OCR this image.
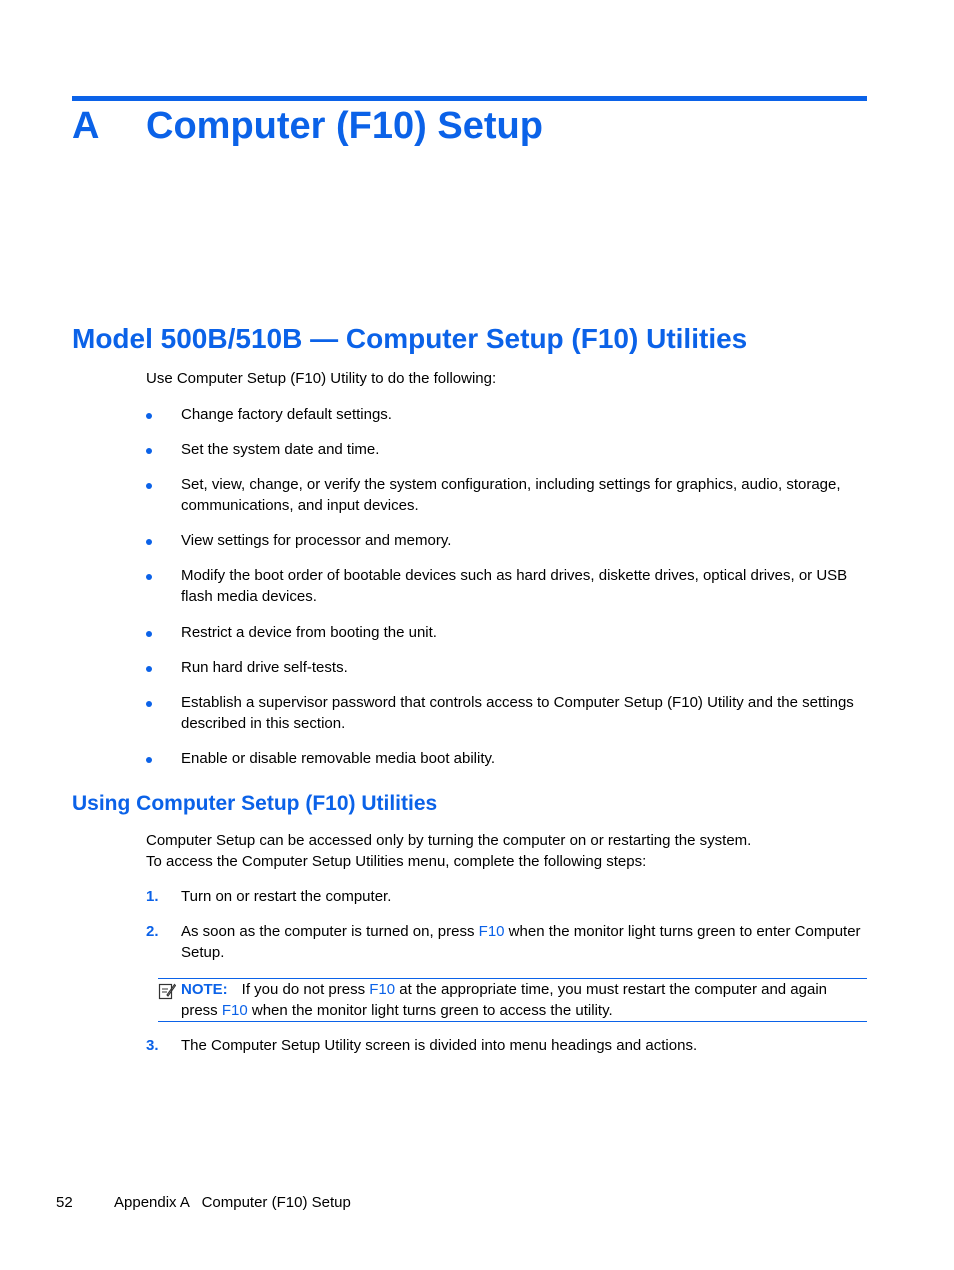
A Computer (F10) Setup
Model 500B/510B — Computer Setup (F10) Utilities
Use Computer Setup (F10) Utility to do the following:
Change factory default settings.
Set the system date and time.
Set, view, change, or verify the system configuration, including settings for graphics, audio, storage, communications, and input devices.
View settings for processor and memory.
Modify the boot order of bootable devices such as hard drives, diskette drives, optical drives, or USB flash media devices.
Restrict a device from booting the unit.
Run hard drive self-tests.
Establish a supervisor password that controls access to Computer Setup (F10) Utility and the settings described in this section.
Enable or disable removable media boot ability.
Using Computer Setup (F10) Utilities
Computer Setup can be accessed only by turning the computer on or restarting the system.
To access the Computer Setup Utilities menu, complete the following steps:
1.	Turn on or restart the computer.
2.	As soon as the computer is turned on, press F10 when the monitor light turns green to enter Computer Setup.
NOTE: If you do not press F10 at the appropriate time, you must restart the computer and again press F10 when the monitor light turns green to access the utility.
3.	The Computer Setup Utility screen is divided into menu headings and actions.
52	Appendix A   Computer (F10) Setup
